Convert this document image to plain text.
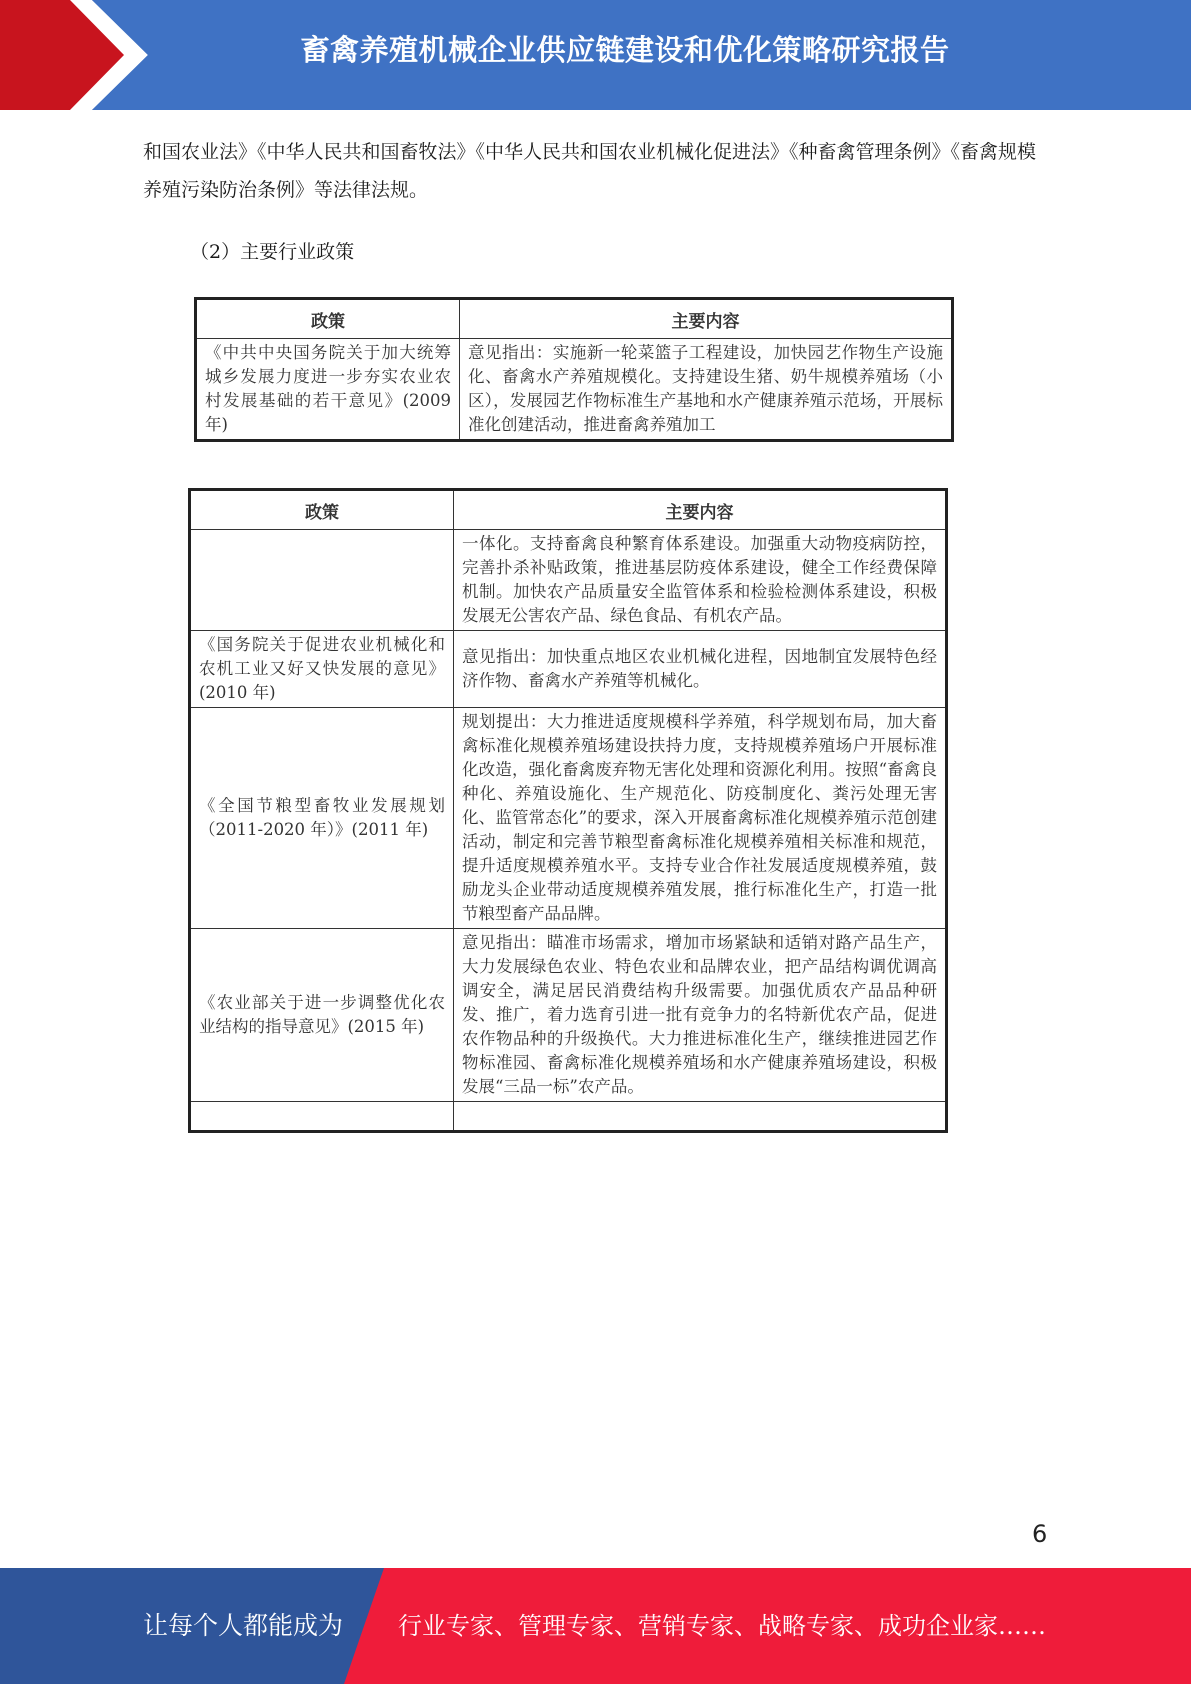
畜禽养殖机械企业供应链建设和优化策略研究报告
和国农业法》《中华人民共和国畜牧法》《中华人民共和国农业机械化促进法》《种畜禽管理条例》《畜禽规模养殖污染防治条例》等法律法规。
（2）主要行业政策
政策	主要内容
《中共中央国务院关于加大统筹城乡发展力度进一步夯实农业农村发展基础的若干意见》(2009 年)	意见指出：实施新一轮菜篮子工程建设，加快园艺作物生产设施化、畜禽水产养殖规模化。支持建设生猪、奶牛规模养殖场（小区），发展园艺作物标准生产基地和水产健康养殖示范场，开展标准化创建活动，推进畜禽养殖加工
政策	主要内容
	一体化。支持畜禽良种繁育体系建设。加强重大动物疫病防控，完善扑杀补贴政策，推进基层防疫体系建设，健全工作经费保障机制。加快农产品质量安全监管体系和检验检测体系建设，积极发展无公害农产品、绿色食品、有机农产品。
《国务院关于促进农业机械化和农机工业又好又快发展的意见》(2010 年)	意见指出：加快重点地区农业机械化进程，因地制宜发展特色经济作物、畜禽水产养殖等机械化。
《全国节粮型畜牧业发展规划（2011-2020 年）》(2011 年)	规划提出：大力推进适度规模科学养殖，科学规划布局，加大畜禽标准化规模养殖场建设扶持力度，支持规模养殖场户开展标准化改造，强化畜禽废弃物无害化处理和资源化利用。按照“畜禽良种化、养殖设施化、生产规范化、防疫制度化、粪污处理无害化、监管常态化”的要求，深入开展畜禽标准化规模养殖示范创建活动，制定和完善节粮型畜禽标准化规模养殖相关标准和规范，提升适度规模养殖水平。支持专业合作社发展适度规模养殖，鼓励龙头企业带动适度规模养殖发展，推行标准化生产，打造一批节粮型畜产品品牌。
《农业部关于进一步调整优化农业结构的指导意见》(2015 年)	意见指出：瞄准市场需求，增加市场紧缺和适销对路产品生产，大力发展绿色农业、特色农业和品牌农业，把产品结构调优调高调安全，满足居民消费结构升级需要。加强优质农产品品种研发、推广，着力选育引进一批有竞争力的名特新优农产品，促进农作物品种的升级换代。大力推进标准化生产，继续推进园艺作物标准园、畜禽标准化规模养殖场和水产健康养殖场建设，积极发展“三品一标”农产品。

6
让每个人都能成为 行业专家、管理专家、营销专家、战略专家、成功企业家……
